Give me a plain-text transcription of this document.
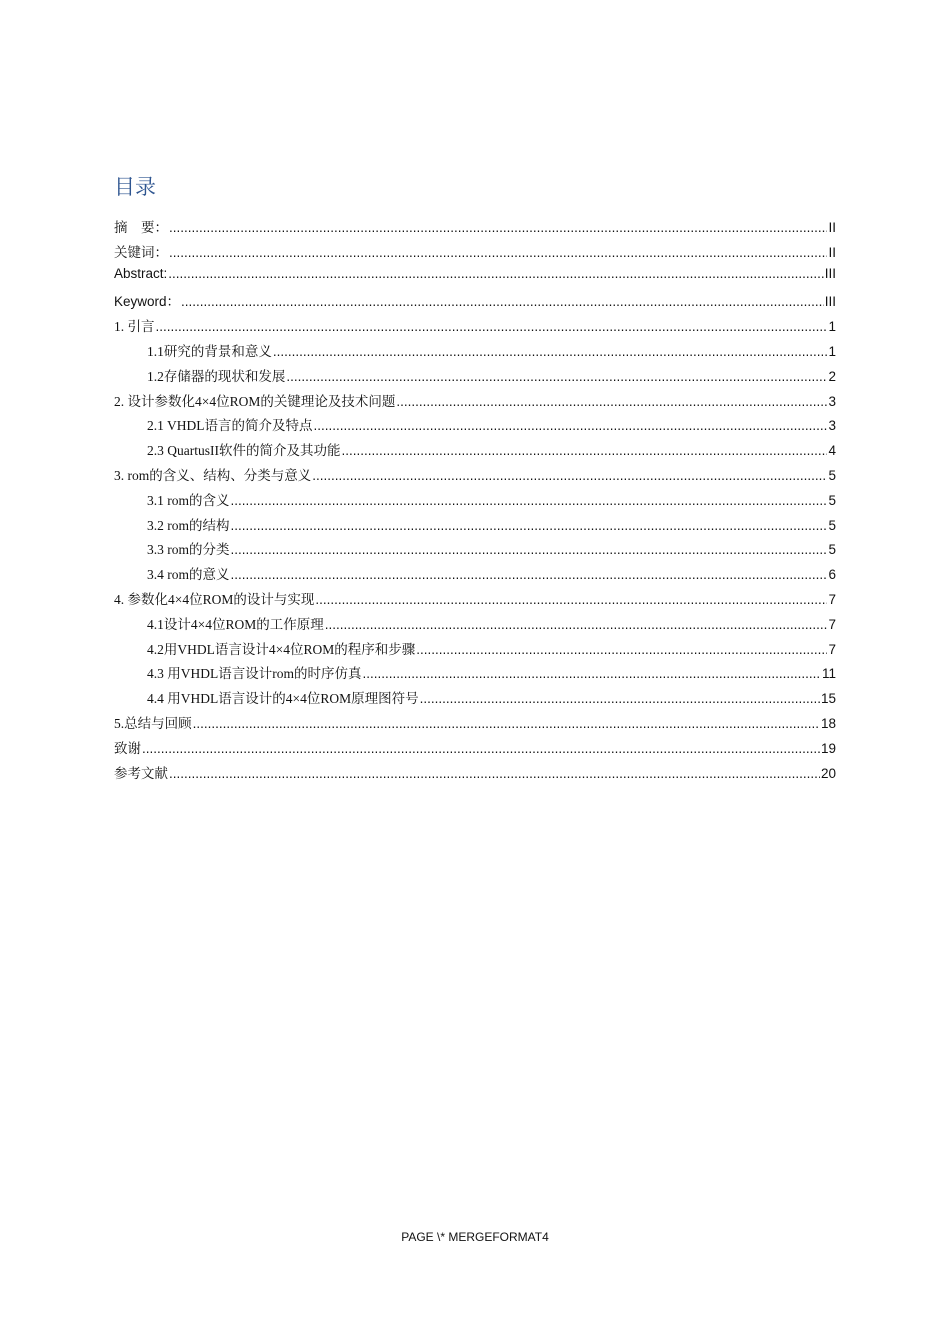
目录
摘　要： .....	II
关键词： .....	II
Abstract: .....	III
Keyword： .....	III
1. 引言 .....	1
1.1研究的背景和意义 .....	1
1.2存储器的现状和发展 .....	2
2. 设计参数化4×4位ROM的关键理论及技术问题 .....	3
2.1 VHDL语言的简介及特点 .....	3
2.3 QuartusII软件的简介及其功能 .....	4
3. rom的含义、结构、分类与意义 .....	5
3.1 rom的含义 .....	5
3.2 rom的结构 .....	5
3.3 rom的分类 .....	5
3.4 rom的意义 .....	6
4. 参数化4×4位ROM的设计与实现 .....	7
4.1设计4×4位ROM的工作原理 .....	7
4.2用VHDL语言设计4×4位ROM的程序和步骤 .....	7
4.3 用VHDL语言设计rom的时序仿真 .....	11
4.4 用VHDL语言设计的4×4位ROM原理图符号 .....	15
5.总结与回顾 .....	18
致谢 .....	19
参考文献 .....	20
PAGE \* MERGEFORMAT4
